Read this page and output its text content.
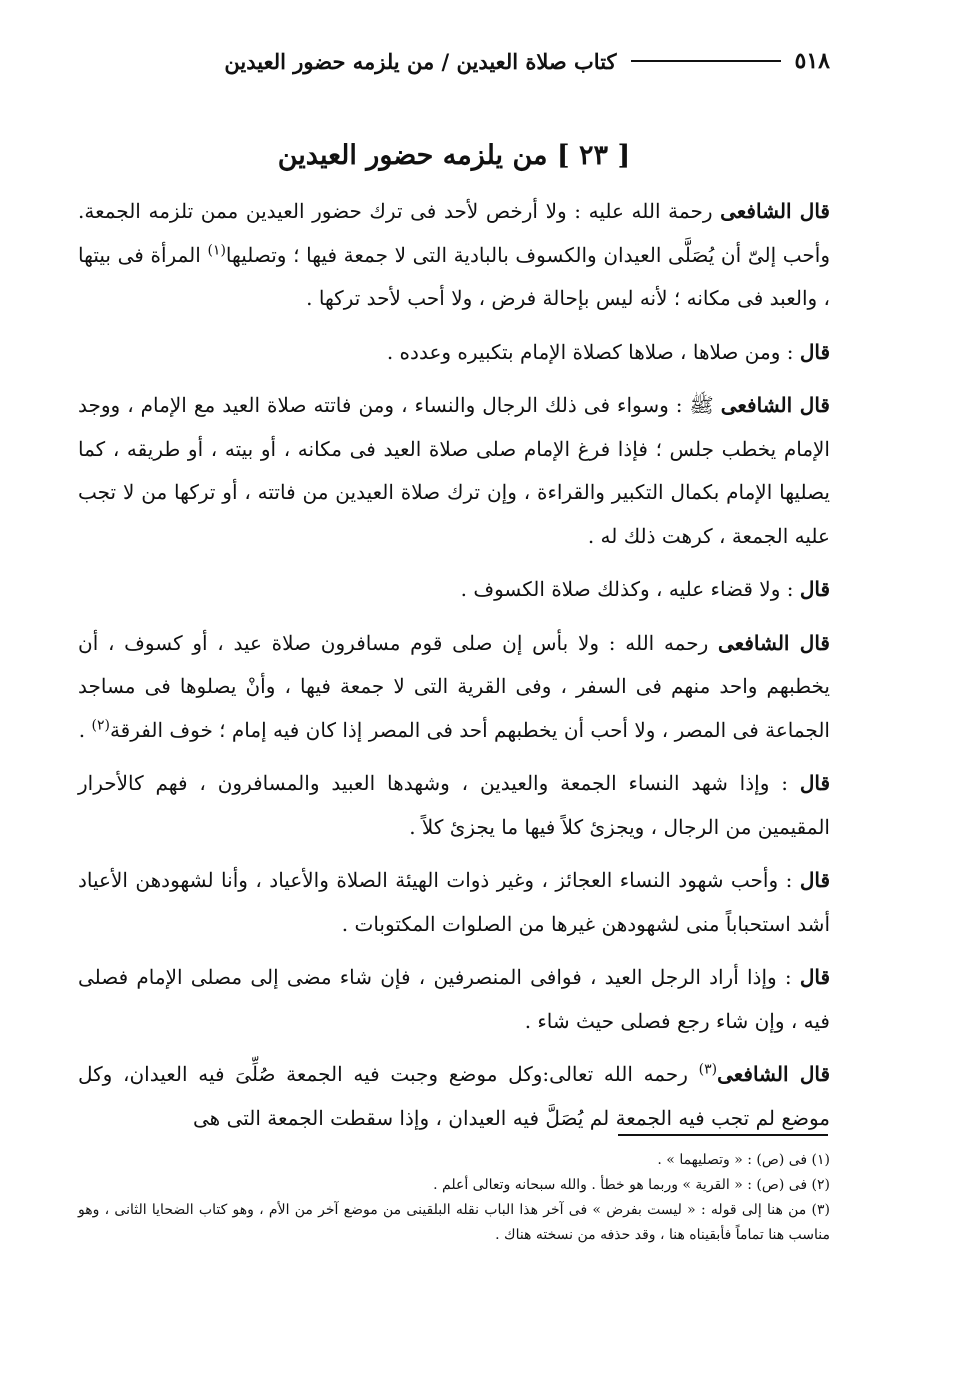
٥١٨
كتاب صلاة العيدين / من يلزمه حضور العيدين
[ ٢٣ ] من يلزمه حضور العيدين

قال الشافعى رحمة الله عليه : ولا أرخص لأحد فى ترك حضور العيدين ممن تلزمه الجمعة. وأحب إلىّ أن يُصَلَّى العيدان والكسوف بالبادية التى لا جمعة فيها ؛ وتصليها$^{(١)}$ المرأة فى بيتها ، والعبد فى مكانه ؛ لأنه ليس بإحالة فرض ، ولا أحب لأحد تركها .

قال : ومن صلاها ، صلاها كصلاة الإمام بتكبيره وعدده .

قال الشافعى ﷺ : وسواء فى ذلك الرجال والنساء ، ومن فاتته صلاة العيد مع الإمام ، ووجد الإمام يخطب جلس ؛ فإذا فرغ الإمام صلى صلاة العيد فى مكانه ، أو بيته ، أو طريقه ، كما يصليها الإمام بكمال التكبير والقراءة ، وإن ترك صلاة العيدين من فاتته ، أو تركها من لا تجب عليه الجمعة ، كرهت ذلك له .

قال : ولا قضاء عليه ، وكذلك صلاة الكسوف .

قال الشافعى رحمه الله : ولا بأس إن صلى قوم مسافرون صلاة عيد ، أو كسوف ، أن يخطبهم واحد منهم فى السفر ، وفى القرية التى لا جمعة فيها ، وأنْ يصلوها فى مساجد الجماعة فى المصر ، ولا أحب أن يخطبهم أحد فى المصر إذا كان فيه إمام ؛ خوف الفرقة$^{(٢)}$ .

قال : وإذا شهد النساء الجمعة والعيدين ، وشهدها العبيد والمسافرون ، فهم كالأحرار المقيمين من الرجال ، ويجزئ كلاً فيها ما يجزئ كلاً .

قال : وأحب شهود النساء العجائز ، وغير ذوات الهيئة الصلاة والأعياد ، وأنا لشهودهن الأعياد أشد استحباباً منى لشهودهن غيرها من الصلوات المكتوبات .

قال : وإذا أراد الرجل العيد ، فوافى المنصرفين ، فإن شاء مضى إلى مصلى الإمام فصلى فيه ، وإن شاء رجع فصلى حيث شاء .

قال الشافعى$^{(٣)}$ رحمه الله تعالى:وكل موضع وجبت فيه الجمعة صُلِّىَ فيه العيدان، وكل موضع لم تجب فيه الجمعة لم يُصَلَّ فيه العيدان ، وإذا سقطت الجمعة التى هى

(١) فى (ص) : « وتصليهما » .

(٢) فى (ص) : « القرية » وربما هو خطأ . والله سبحانه وتعالى أعلم .

(٣) من هنا إلى قوله : « ليست بفرض » فى آخر هذا الباب نقله البلقينى من موضع آخر من الأم ، وهو كتاب الضحايا الثانى ، وهو مناسب هنا تماماً فأبقيناه هنا ، وقد حذفه من نسخته هناك .
